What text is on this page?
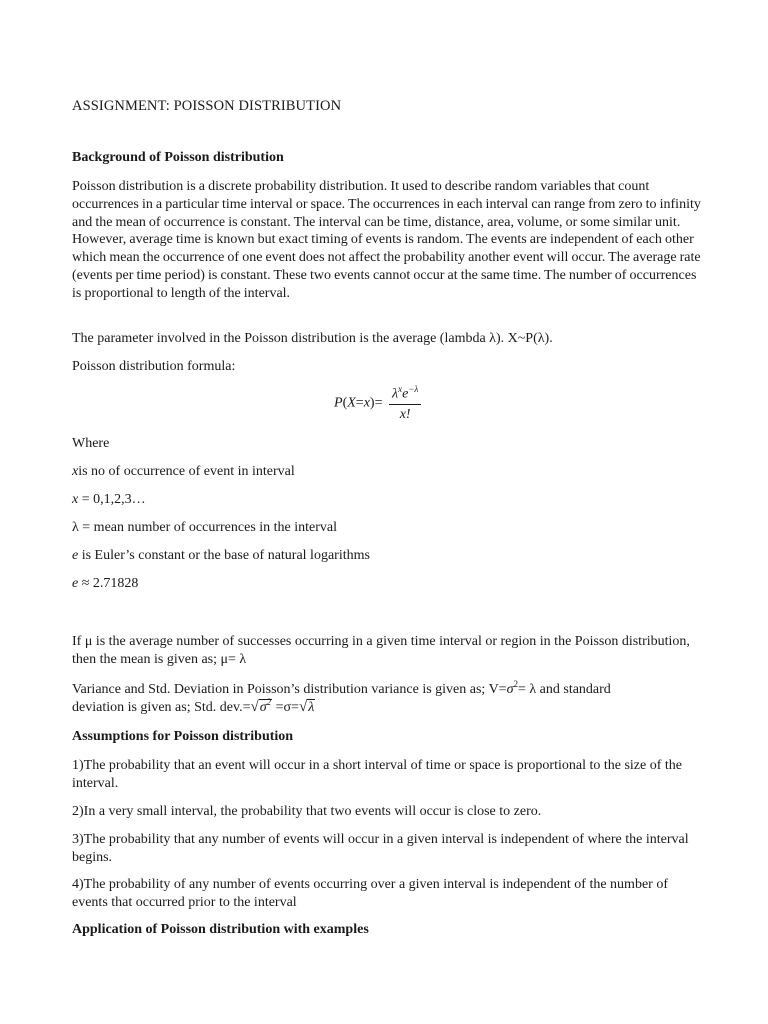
ASSIGNMENT: POISSON DISTRIBUTION
Background of Poisson distribution
Poisson distribution is a discrete probability distribution. It used to describe random variables that count occurrences in a particular time interval or space. The occurrences in each interval can range from zero to infinity and the mean of occurrence is constant. The interval can be time, distance, area, volume, or some similar unit. However, average time is known but exact timing of events is random. The events are independent of each other which mean the occurrence of one event does not affect the probability another event will occur. The average rate (events per time period) is constant. These two events cannot occur at the same time. The number of occurrences is proportional to length of the interval.
The parameter involved in the Poisson distribution is the average (lambda λ). X~P(λ).
Poisson distribution formula:
$P(X=x)= \frac{\lambda^xe^{-\lambda}}{x!}$
Where
xis no of occurrence of event in interval
x = 0,1,2,3…
λ = mean number of occurrences in the interval
e is Euler’s constant or the base of natural logarithms
e ≈ 2.71828
If μ is the average number of successes occurring in a given time interval or region in the Poisson distribution, then the mean is given as; μ= λ
Variance and Std. Deviation in Poisson’s distribution variance is given as; $V=\sigma^2= \lambda$ and standard
deviation is given as; Std. $dev.=√\sigma^2 =\sigma=√\lambda$
Assumptions for Poisson distribution
1)The probability that an event will occur in a short interval of time or space is proportional to the size of the interval.
2)In a very small interval, the probability that two events will occur is close to zero.
3)The probability that any number of events will occur in a given interval is independent of where the interval begins.
4)The probability of any number of events occurring over a given interval is independent of the number of events that occurred prior to the interval
Application of Poisson distribution with examples
